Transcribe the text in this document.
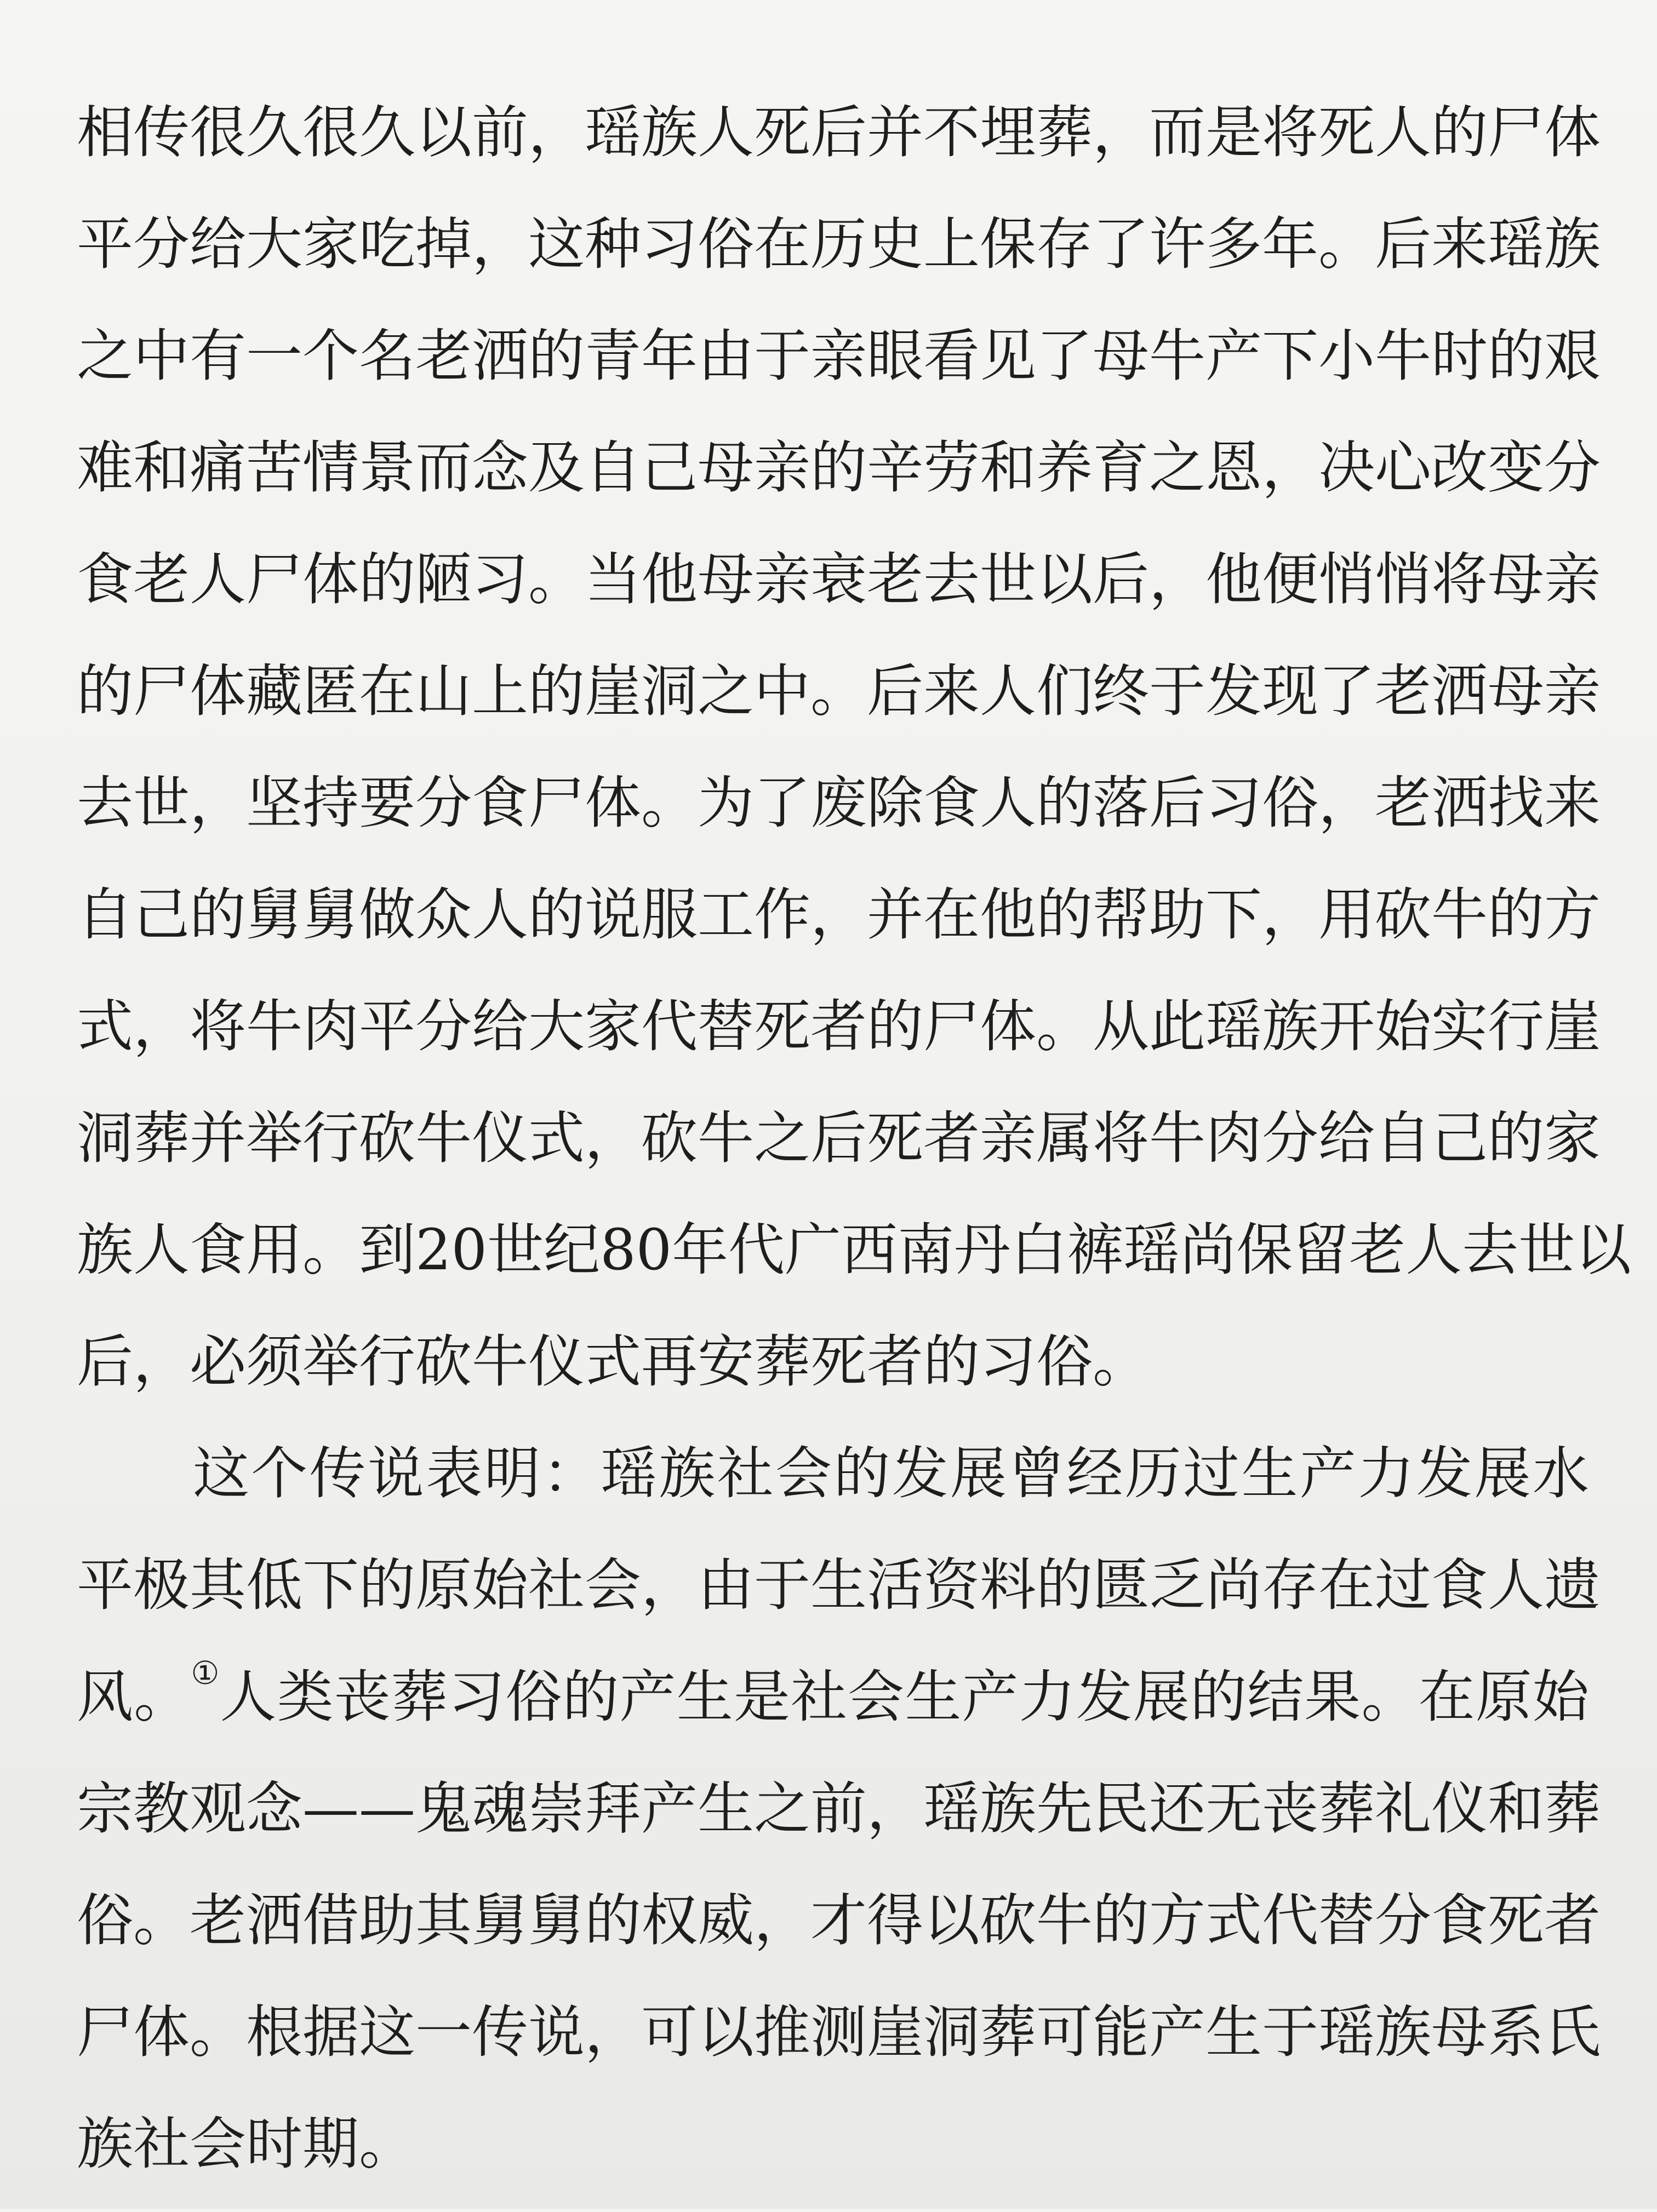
相传很久很久以前，瑶族人死后并不埋葬，而是将死人的尸体
平分给大家吃掉，这种习俗在历史上保存了许多年。后来瑶族
之中有一个名老洒的青年由于亲眼看见了母牛产下小牛时的艰
难和痛苦情景而念及自己母亲的辛劳和养育之恩，决心改变分
食老人尸体的陋习。当他母亲衰老去世以后，他便悄悄将母亲
的尸体藏匿在山上的崖洞之中。后来人们终于发现了老洒母亲
去世，坚持要分食尸体。为了废除食人的落后习俗，老洒找来
自己的舅舅做众人的说服工作，并在他的帮助下，用砍牛的方
式，将牛肉平分给大家代替死者的尸体。从此瑶族开始实行崖
洞葬并举行砍牛仪式，砍牛之后死者亲属将牛肉分给自己的家
族人食用。到20世纪80年代广西南丹白裤瑶尚保留老人去世以
后，必须举行砍牛仪式再安葬死者的习俗。
这个传说表明：瑶族社会的发展曾经历过生产力发展水
平极其低下的原始社会，由于生活资料的匮乏尚存在过食人遗
风。①人类丧葬习俗的产生是社会生产力发展的结果。在原始
宗教观念——鬼魂崇拜产生之前，瑶族先民还无丧葬礼仪和葬
俗。老洒借助其舅舅的权威，才得以砍牛的方式代替分食死者
尸体。根据这一传说，可以推测崖洞葬可能产生于瑶族母系氏
族社会时期。
